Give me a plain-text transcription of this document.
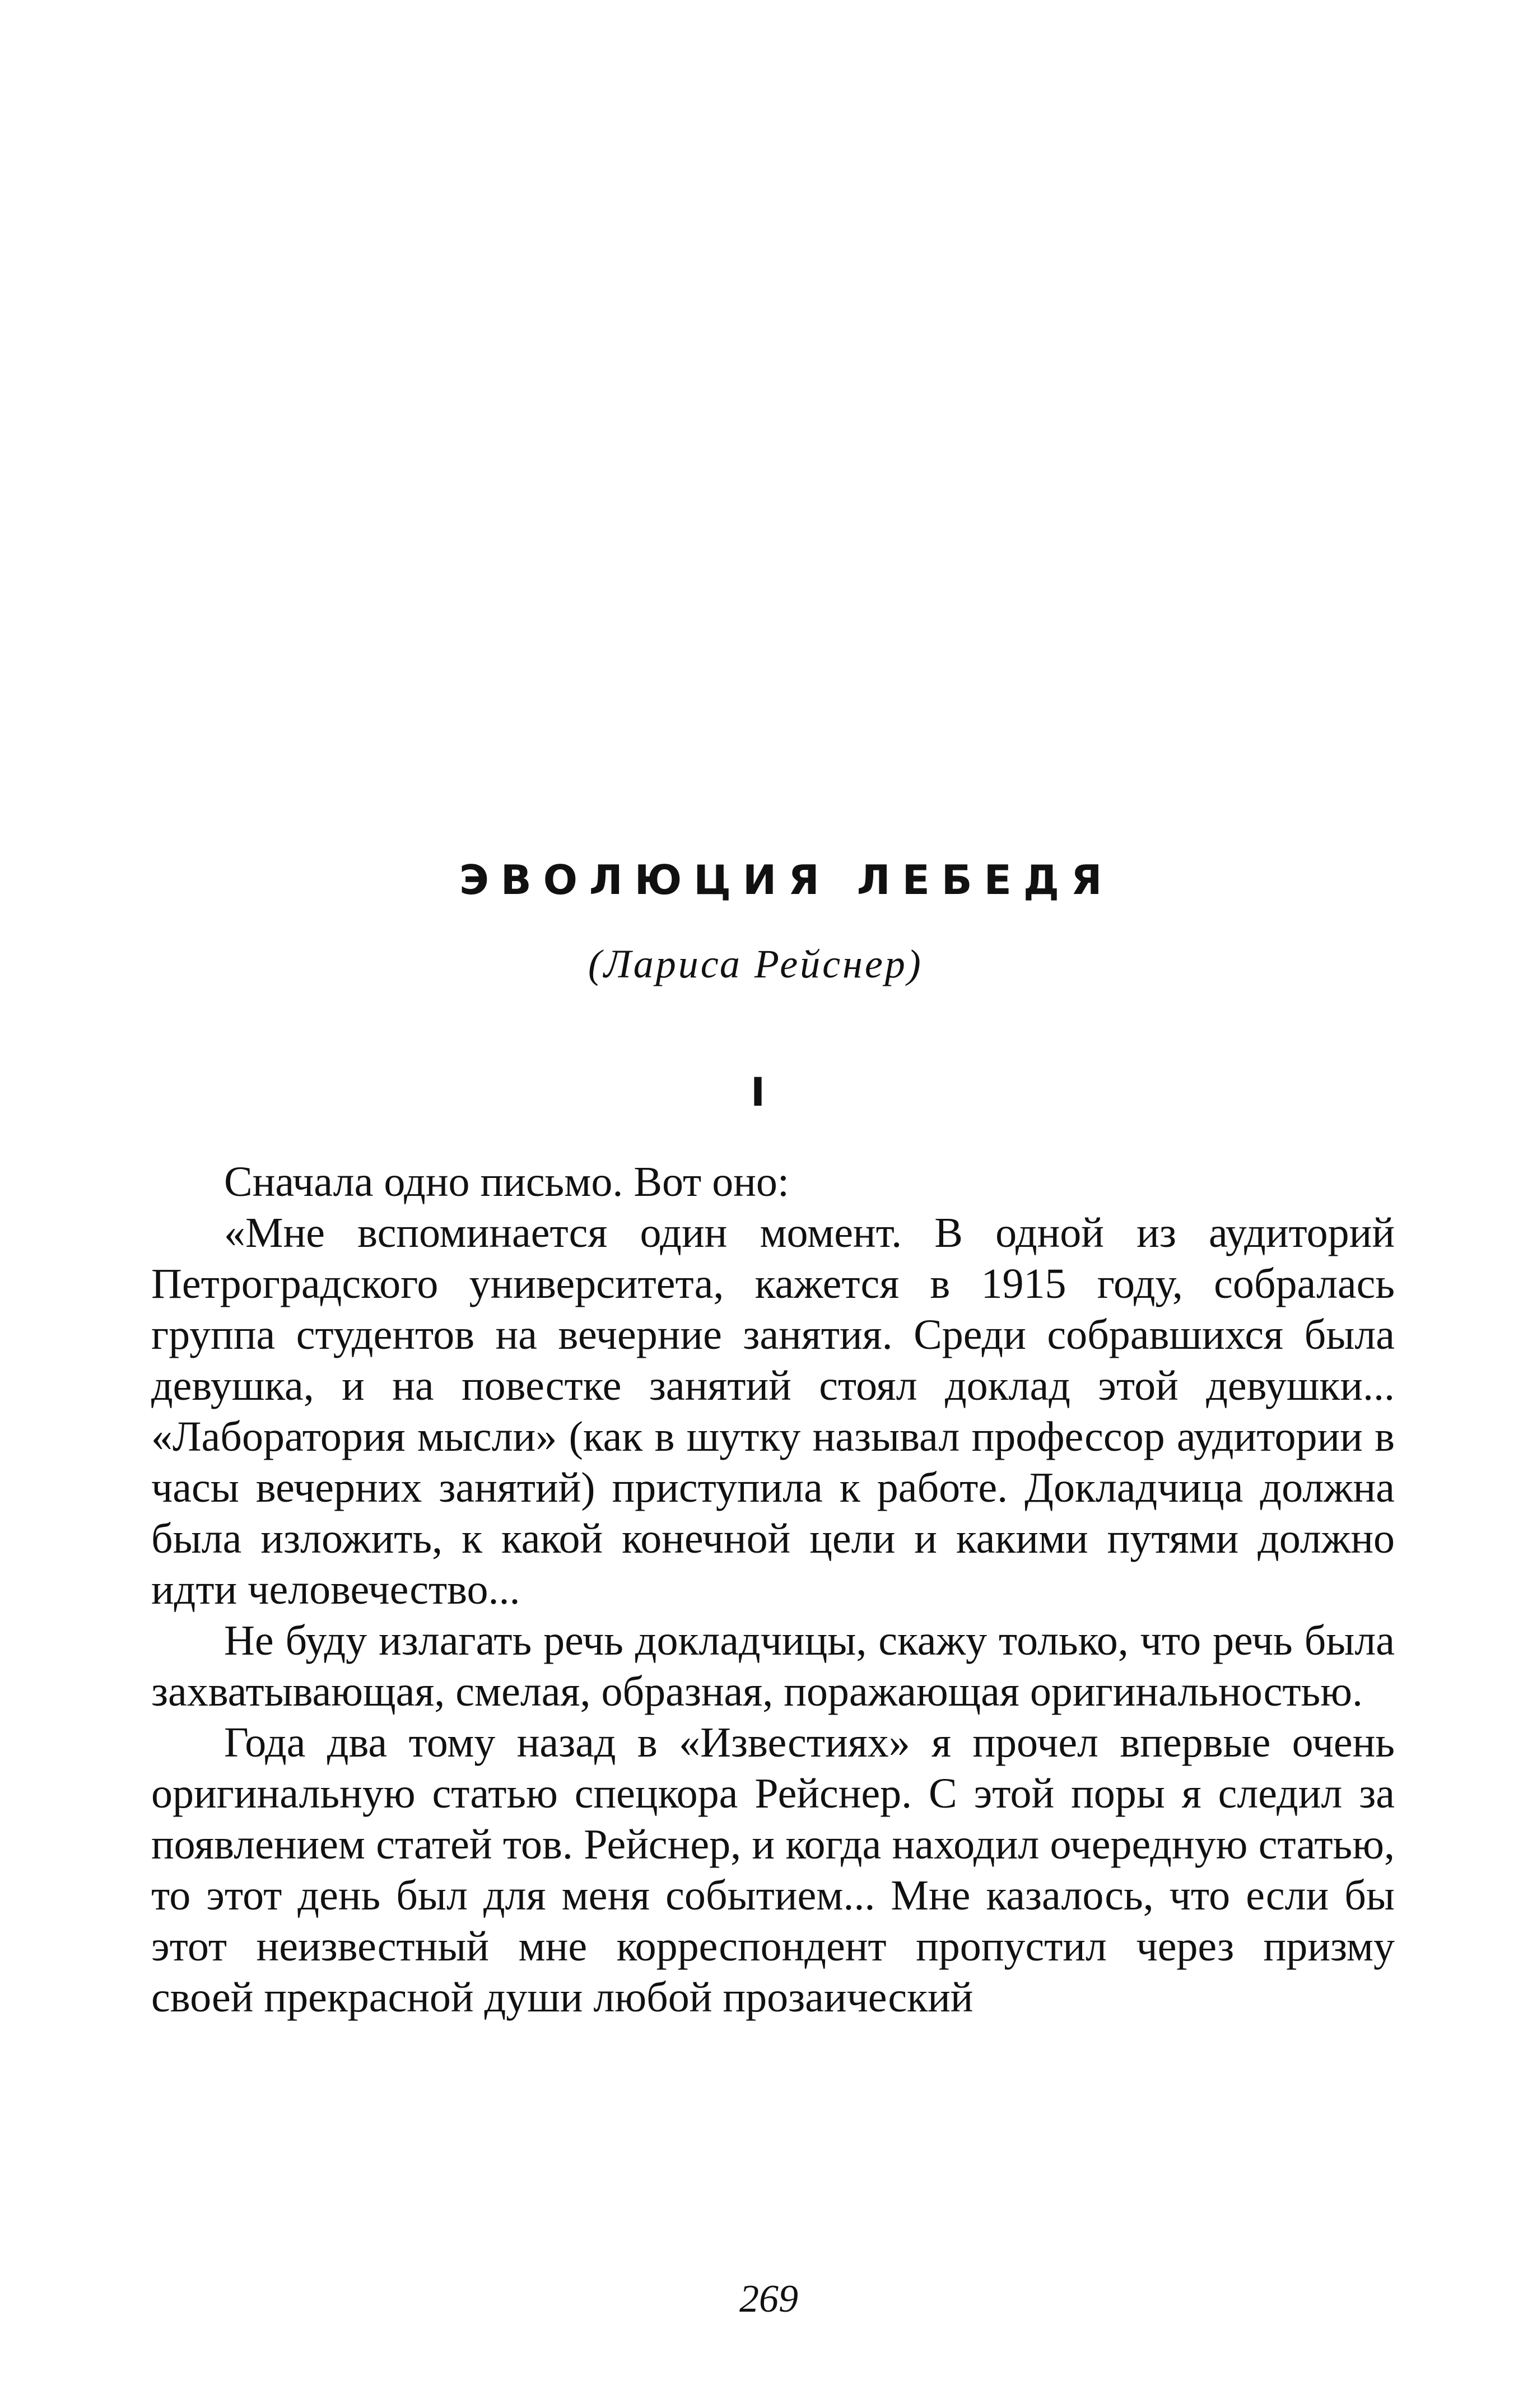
ЭВОЛЮЦИЯ ЛЕБЕДЯ
(Лариса Рейснер)
I

Сначала одно письмо. Вот оно:

«Мне вспоминается один момент. В одной из аудиторий Петроградского университета, кажется в 1915 году, собралась группа студентов на вечерние занятия. Среди собравшихся была девушка, и на повестке занятий стоял доклад этой девушки... «Лаборатория мысли» (как в шутку называл профессор аудитории в часы вечерних занятий) приступила к работе. Докладчица должна была изложить, к какой конечной цели и какими путями должно идти человечество...

Не буду излагать речь докладчицы, скажу только, что речь была захватывающая, смелая, образная, поражающая оригинальностью.

Года два тому назад в «Известиях» я прочел впервые очень оригинальную статью спецкора Рейснер. С этой поры я следил за появлением статей тов. Рейснер, и когда находил очередную статью, то этот день был для меня событием... Мне казалось, что если бы этот неизвестный мне корреспондент пропустил через призму своей прекрасной души любой прозаический

269
